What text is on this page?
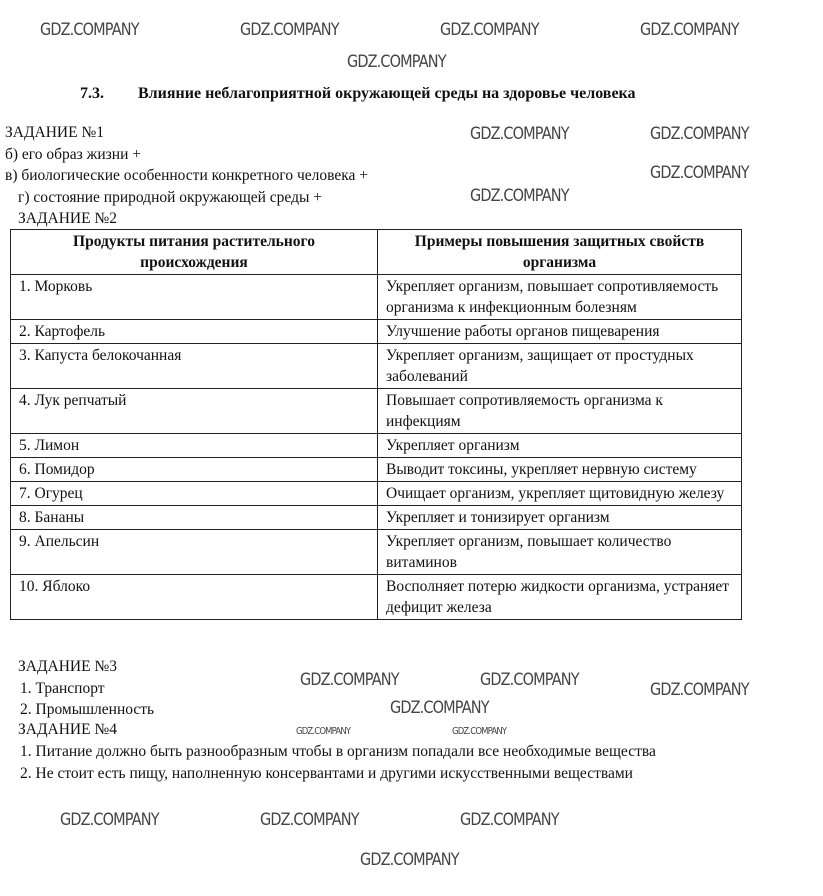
7.3. Влияние неблагоприятной окружающей среды на здоровье человека
ЗАДАНИЕ №1
б) его образ жизни +
в) биологические особенности конкретного человека +
г) состояние природной окружающей среды +
ЗАДАНИЕ №2
Продукты питания растительного происхождения	Примеры повышения защитных свойств организма
1. Морковь	Укрепляет организм, повышает сопротивляемость организма к инфекционным болезням
2. Картофель	Улучшение работы органов пищеварения
3. Капуста белокочанная	Укрепляет организм, защищает от простудных заболеваний
4. Лук репчатый	Повышает сопротивляемость организма к инфекциям
5. Лимон	Укрепляет организм
6. Помидор	Выводит токсины, укрепляет нервную систему
7. Огурец	Очищает организм, укрепляет щитовидную железу
8. Бананы	Укрепляет и тонизирует организм
9. Апельсин	Укрепляет организм, повышает количество витаминов
10. Яблоко	Восполняет потерю жидкости организма, устраняет дефицит железа
ЗАДАНИЕ №3
1. Транспорт
2. Промышленность
ЗАДАНИЕ №4
1. Питание должно быть разнообразным чтобы в организм попадали все необходимые вещества
2. Не стоит есть пищу, наполненную консервантами и другими искусственными веществами
GDZ.COMPANY	GDZ.COMPANY	GDZ.COMPANY	GDZ.COMPANY
GDZ.COMPANY
GDZ.COMPANY	GDZ.COMPANY
GDZ.COMPANY
GDZ.COMPANY
GDZ.COMPANY	GDZ.COMPANY	GDZ.COMPANY
GDZ.COMPANY
GDZ.COMPANY	GDZ.COMPANY	GDZ.COMPANY
GDZ.COMPANY
GDZ.COMPANY	GDZ.COMPANY
